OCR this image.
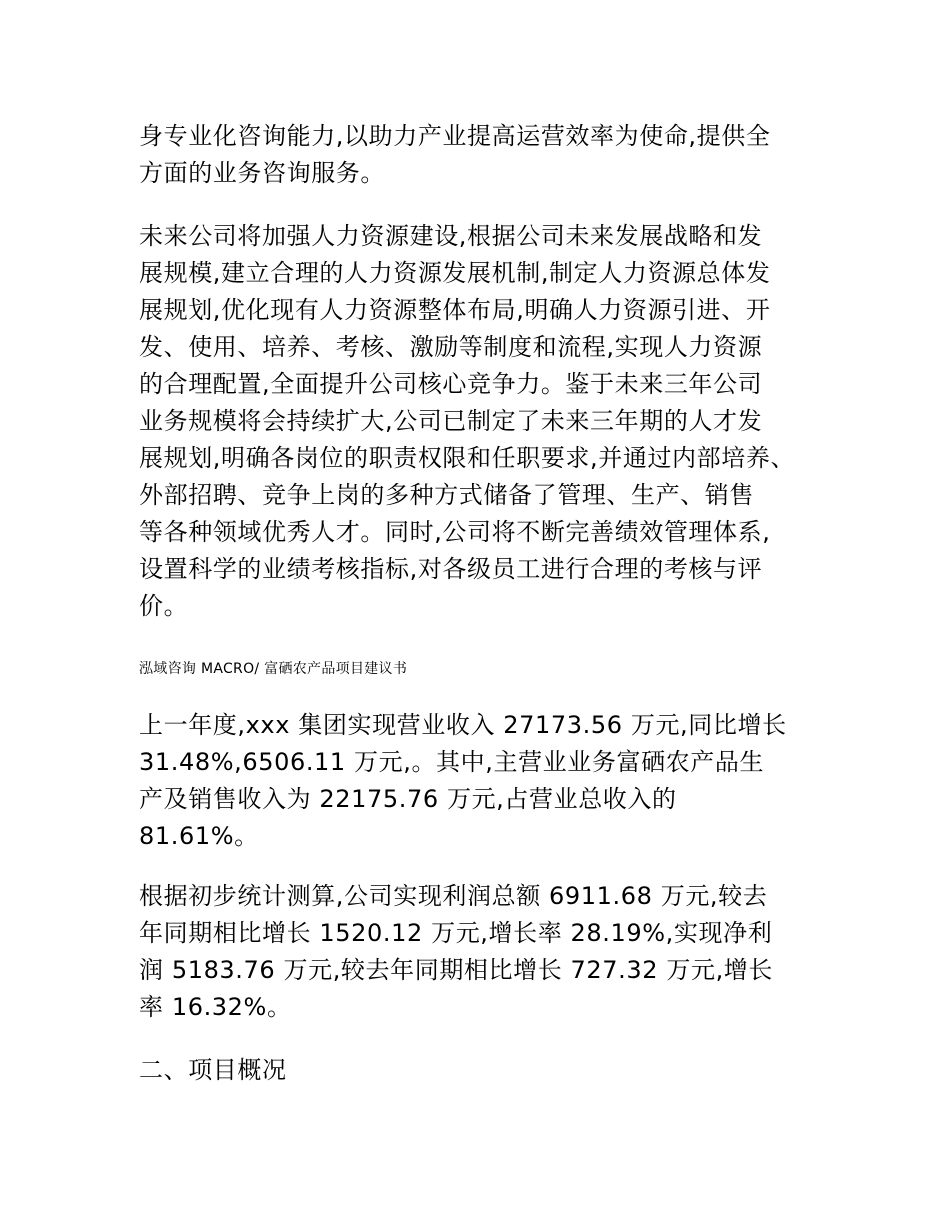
身专业化咨询能力,以助力产业提高运营效率为使命,提供全
方面的业务咨询服务。
未来公司将加强人力资源建设,根据公司未来发展战略和发
展规模,建立合理的人力资源发展机制,制定人力资源总体发
展规划,优化现有人力资源整体布局,明确人力资源引进、开
发、使用、培养、考核、激励等制度和流程,实现人力资源
的合理配置,全面提升公司核心竞争力。鉴于未来三年公司
业务规模将会持续扩大,公司已制定了未来三年期的人才发
展规划,明确各岗位的职责权限和任职要求,并通过内部培养、
外部招聘、竞争上岗的多种方式储备了管理、生产、销售
等各种领域优秀人才。同时,公司将不断完善绩效管理体系,
设置科学的业绩考核指标,对各级员工进行合理的考核与评
价。
泓域咨询 MACRO/ 富硒农产品项目建议书
上一年度,xxx 集团实现营业收入 27173.56 万元,同比增长
31.48%,6506.11 万元,。其中,主营业业务富硒农产品生
产及销售收入为 22175.76 万元,占营业总收入的
81.61%。
根据初步统计测算,公司实现利润总额 6911.68 万元,较去
年同期相比增长 1520.12 万元,增长率 28.19%,实现净利
润 5183.76 万元,较去年同期相比增长 727.32 万元,增长
率 16.32%。
二、项目概况
